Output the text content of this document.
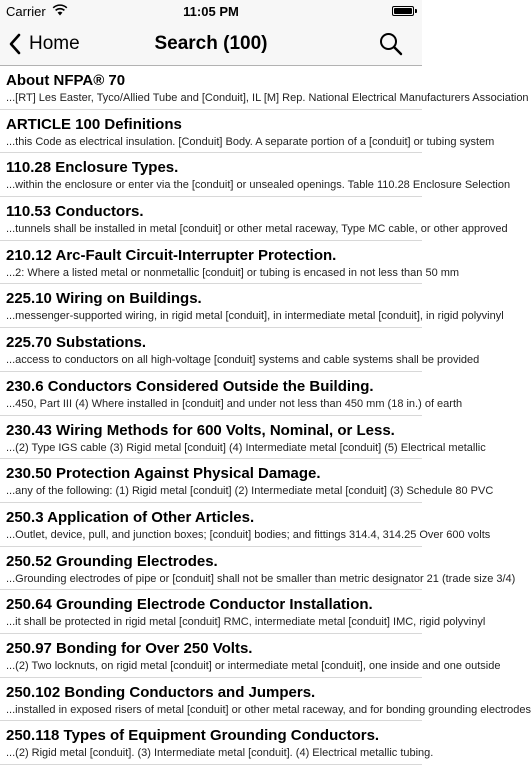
Carrier	11:05 PM
Home	Search (100)
About NFPA® 70
...[RT] Les Easter, Tyco/Allied Tube and [Conduit], IL [M] Rep. National Electrical Manufacturers Association
ARTICLE 100 Definitions
...this Code as electrical insulation. [Conduit] Body. A separate portion of a [conduit] or tubing system
110.28 Enclosure Types.
...within the enclosure or enter via the [conduit] or unsealed openings. Table 110.28 Enclosure Selection
110.53 Conductors.
...tunnels shall be installed in metal [conduit] or other metal raceway, Type MC cable, or other approved
210.12 Arc-Fault Circuit-Interrupter Protection.
...2: Where a listed metal or nonmetallic [conduit] or tubing is encased in not less than 50 mm
225.10 Wiring on Buildings.
...messenger-supported wiring, in rigid metal [conduit], in intermediate metal [conduit], in rigid polyvinyl
225.70 Substations.
...access to conductors on all high-voltage [conduit] systems and cable systems shall be provided
230.6 Conductors Considered Outside the Building.
...450, Part III (4) Where installed in [conduit] and under not less than 450 mm (18 in.) of earth
230.43 Wiring Methods for 600 Volts, Nominal, or Less.
...(2) Type IGS cable (3) Rigid metal [conduit] (4) Intermediate metal [conduit] (5) Electrical metallic
230.50 Protection Against Physical Damage.
...any of the following: (1) Rigid metal [conduit] (2) Intermediate metal [conduit] (3) Schedule 80 PVC
250.3 Application of Other Articles.
...Outlet, device, pull, and junction boxes; [conduit] bodies; and fittings 314.4, 314.25 Over 600 volts
250.52 Grounding Electrodes.
...Grounding electrodes of pipe or [conduit] shall not be smaller than metric designator 21 (trade size 3/4)
250.64 Grounding Electrode Conductor Installation.
...it shall be protected in rigid metal [conduit] RMC, intermediate metal [conduit] IMC, rigid polyvinyl
250.97 Bonding for Over 250 Volts.
...(2) Two locknuts, on rigid metal [conduit] or intermediate metal [conduit], one inside and one outside
250.102 Bonding Conductors and Jumpers.
...installed in exposed risers of metal [conduit] or other metal raceway, and for bonding grounding electrodes
250.118 Types of Equipment Grounding Conductors.
...(2) Rigid metal [conduit]. (3) Intermediate metal [conduit]. (4) Electrical metallic tubing.
